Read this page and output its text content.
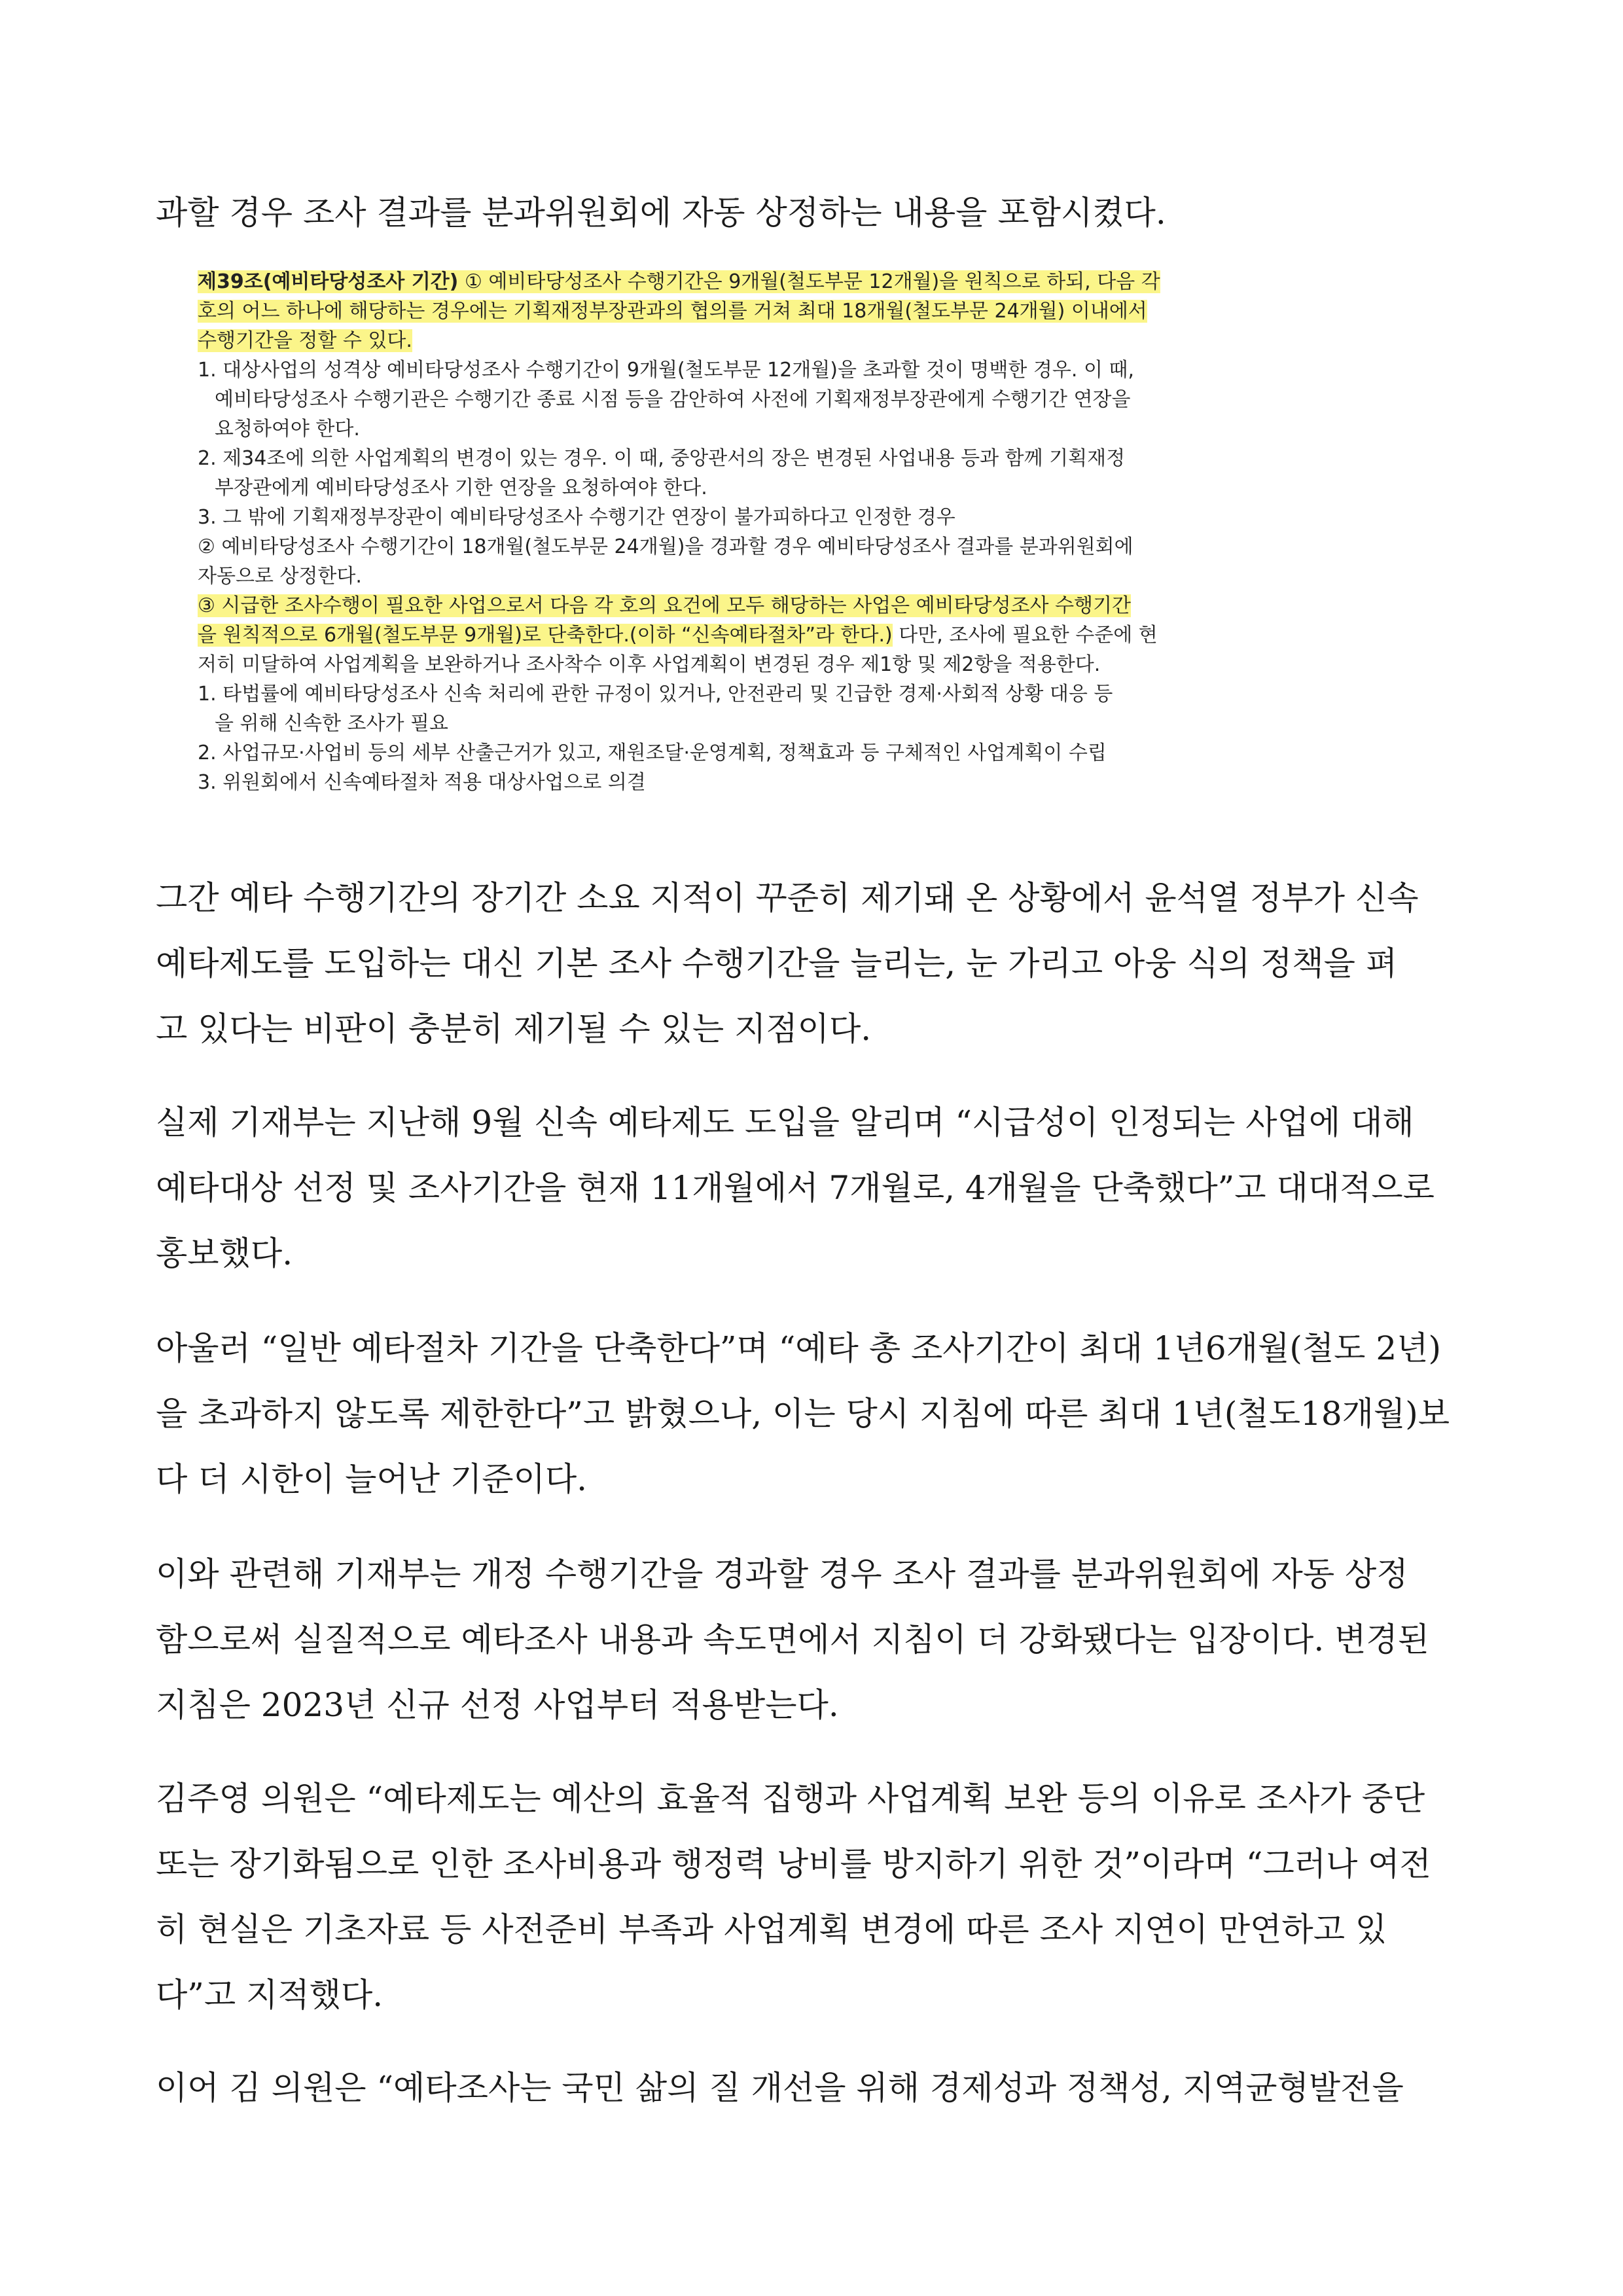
과할 경우 조사 결과를 분과위원회에 자동 상정하는 내용을 포함시켰다.

제39조(예비타당성조사 기간) ① 예비타당성조사 수행기간은 9개월(철도부문 12개월)을 원칙으로 하되, 다음 각
호의 어느 하나에 해당하는 경우에는 기획재정부장관과의 협의를 거쳐 최대 18개월(철도부문 24개월) 이내에서
수행기간을 정할 수 있다.
1. 대상사업의 성격상 예비타당성조사 수행기간이 9개월(철도부문 12개월)을 초과할 것이 명백한 경우. 이 때,
예비타당성조사 수행기관은 수행기간 종료 시점 등을 감안하여 사전에 기획재정부장관에게 수행기간 연장을
요청하여야 한다.
2. 제34조에 의한 사업계획의 변경이 있는 경우. 이 때, 중앙관서의 장은 변경된 사업내용 등과 함께 기획재정
부장관에게 예비타당성조사 기한 연장을 요청하여야 한다.
3. 그 밖에 기획재정부장관이 예비타당성조사 수행기간 연장이 불가피하다고 인정한 경우
② 예비타당성조사 수행기간이 18개월(철도부문 24개월)을 경과할 경우 예비타당성조사 결과를 분과위원회에
자동으로 상정한다.
③ 시급한 조사수행이 필요한 사업으로서 다음 각 호의 요건에 모두 해당하는 사업은 예비타당성조사 수행기간
을 원칙적으로 6개월(철도부문 9개월)로 단축한다.(이하 “신속예타절차”라 한다.) 다만, 조사에 필요한 수준에 현
저히 미달하여 사업계획을 보완하거나 조사착수 이후 사업계획이 변경된 경우 제1항 및 제2항을 적용한다.
1. 타법률에 예비타당성조사 신속 처리에 관한 규정이 있거나, 안전관리 및 긴급한 경제·사회적 상황 대응 등
을 위해 신속한 조사가 필요
2. 사업규모·사업비 등의 세부 산출근거가 있고, 재원조달·운영계획, 정책효과 등 구체적인 사업계획이 수립
3. 위원회에서 신속예타절차 적용 대상사업으로 의결

그간 예타 수행기간의 장기간 소요 지적이 꾸준히 제기돼 온 상황에서 윤석열 정부가 신속
예타제도를 도입하는 대신 기본 조사 수행기간을 늘리는, 눈 가리고 아웅 식의 정책을 펴
고 있다는 비판이 충분히 제기될 수 있는 지점이다.

실제 기재부는 지난해 9월 신속 예타제도 도입을 알리며 “시급성이 인정되는 사업에 대해
예타대상 선정 및 조사기간을 현재 11개월에서 7개월로, 4개월을 단축했다”고 대대적으로
홍보했다.

아울러 “일반 예타절차 기간을 단축한다”며 “예타 총 조사기간이 최대 1년6개월(철도 2년)
을 초과하지 않도록 제한한다”고 밝혔으나, 이는 당시 지침에 따른 최대 1년(철도18개월)보
다 더 시한이 늘어난 기준이다.

이와 관련해 기재부는 개정 수행기간을 경과할 경우 조사 결과를 분과위원회에 자동 상정
함으로써 실질적으로 예타조사 내용과 속도면에서 지침이 더 강화됐다는 입장이다. 변경된
지침은 2023년 신규 선정 사업부터 적용받는다.

김주영 의원은 “예타제도는 예산의 효율적 집행과 사업계획 보완 등의 이유로 조사가 중단
또는 장기화됨으로 인한 조사비용과 행정력 낭비를 방지하기 위한 것”이라며 “그러나 여전
히 현실은 기초자료 등 사전준비 부족과 사업계획 변경에 따른 조사 지연이 만연하고 있
다”고 지적했다.

이어 김 의원은 “예타조사는 국민 삶의 질 개선을 위해 경제성과 정책성, 지역균형발전을
